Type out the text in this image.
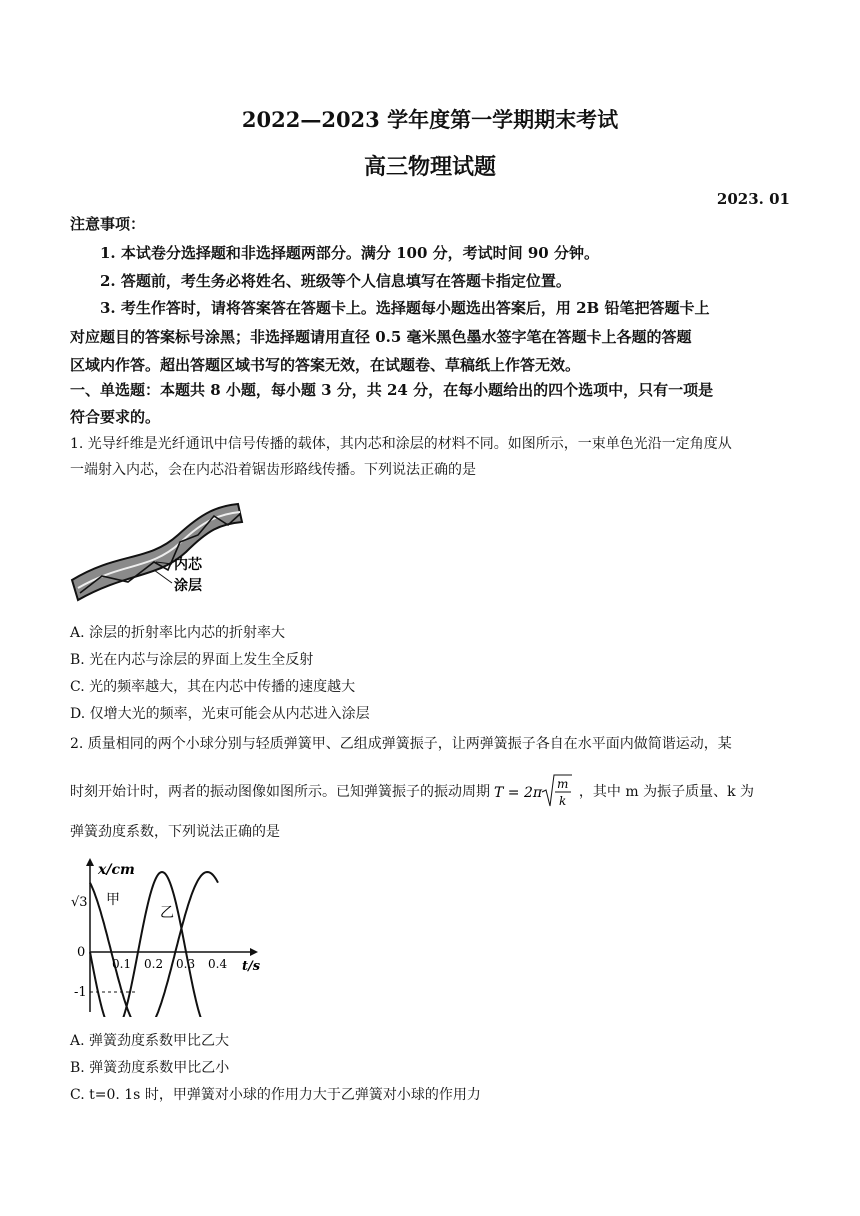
2022—2023 学年度第一学期期末考试
高三物理试题
2023. 01
注意事项：
1. 本试卷分选择题和非选择题两部分。满分 100 分，考试时间 90 分钟。
2. 答题前，考生务必将姓名、班级等个人信息填写在答题卡指定位置。
3. 考生作答时，请将答案答在答题卡上。选择题每小题选出答案后，用 2B 铅笔把答题卡上
对应题目的答案标号涂黑；非选择题请用直径 0.5 毫米黑色墨水签字笔在答题卡上各题的答题
区域内作答。超出答题区域书写的答案无效，在试题卷、草稿纸上作答无效。
一、单选题：本题共 8 小题，每小题 3 分，共 24 分，在每小题给出的四个选项中，只有一项是
符合要求的。
1. 光导纤维是光纤通讯中信号传播的载体，其内芯和涂层的材料不同。如图所示，一束单色光沿一定角度从
一端射入内芯，会在内芯沿着锯齿形路线传播。下列说法正确的是
内芯
涂层
A. 涂层的折射率比内芯的折射率大
B. 光在内芯与涂层的界面上发生全反射
C. 光的频率越大，其在内芯中传播的速度越大
D. 仅增大光的频率，光束可能会从内芯进入涂层
2. 质量相同的两个小球分别与轻质弹簧甲、乙组成弹簧振子，让两弹簧振子各自在水平面内做简谐运动，某
时刻开始计时，两者的振动图像如图所示。已知弹簧振子的振动周期 T = 2π
m
k
，其中 m 为振子质量、k 为
弹簧劲度系数，下列说法正确的是
x/cm
t/s
√3
-1
0
甲
乙
0.1 0.2 0.3 0.4
A. 弹簧劲度系数甲比乙大
B. 弹簧劲度系数甲比乙小
C. t=0. 1s 时，甲弹簧对小球的作用力大于乙弹簧对小球的作用力
